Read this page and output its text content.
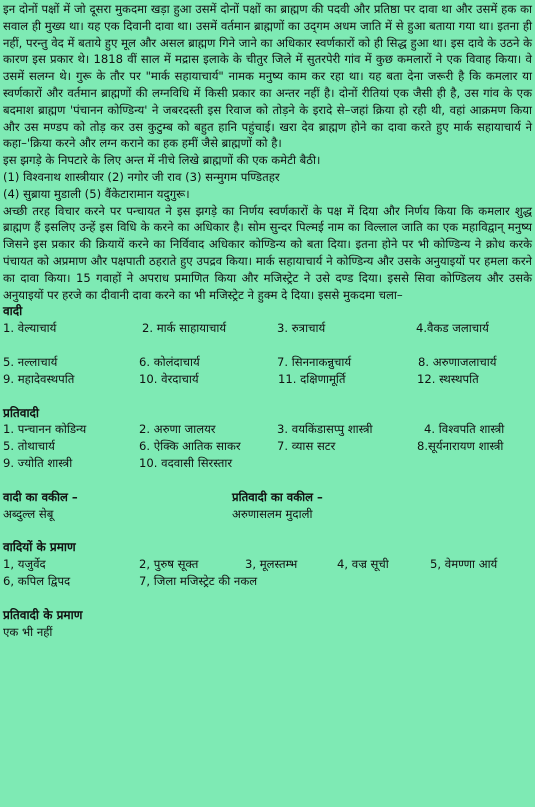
इन दोनों पक्षों में जो दूसरा मुकदमा खड़ा हुआ उसमें दोनों पक्षों का ब्राह्मण की पदवी और प्रतिष्ठा पर दावा था और उसमें हक का सवाल ही मुख्य था। यह एक दिवानी दावा था। उसमें वर्तमान ब्राह्मणों का उद्‌गम अधम जाति में से हुआ बताया गया था। इतना ही नहीं, परन्तु वेद में बताये हुए मूल और असल ब्राह्मण गिने जाने का अधिकार स्वर्णकारों को ही सिद्ध हुआ था। इस दावे के उठने के कारण इस प्रकार थे। 1818 वीं साल में मद्रास इलाके के चीतुर जिले में सुतरपेरी गांव में कुछ कमलारों ने एक विवाह किया। वे उसमें सलग्न थे। गुरू के तौर पर "मार्क सहायाचार्य" नामक मनुष्य काम कर रहा था। यह बता देना जरूरी है कि कमलार या स्वर्णकारों और वर्तमान ब्राह्मणों की लग्नविधि में किसी प्रकार का अन्तर नहीं है। दोनों रीतियां एक जैसी ही है, उस गांव के एक बदमाश ब्राह्मण 'पंचानन कोण्डिन्य' ने जबरदस्ती इस रिवाज को तोड़ने के इरादे से–जहां क्रिया हो रही थी, वहां आक्रमण किया और उस मण्डप को तोड़ कर उस कुटुम्ब को बहुत हानि पहुंचाई। खरा देव ब्राह्मण होने का दावा करते हुए मार्क सहायाचार्य ने कहा–'क्रिया करने और लग्न कराने का हक हमीं जैसे ब्राह्मणों को है।

इस झगड़े के निपटारे के लिए अन्त में नीचे लिखे ब्राह्मणों की एक कमेटी बैठी।

(1) विश्वनाथ शास्त्रीयार (2) नगोर जी राव (3) सन्मुगम पण्डितहर

(4) सुब्राया मुडाली (5) वैंकेटारामान यदुगुरू।

अच्छी तरह विचार करने पर पन्चायत ने इस झगड़े का निर्णय स्वर्णकारों के पक्ष में दिया और निर्णय किया कि कमलार शुद्ध ब्राह्मण हैं इसलिए उन्हें इस विधि के करने का अधिकार है। सोम सुन्दर पिल्मई नाम का विल्लाल जाति का एक महाविद्वान् मनुष्य जिसने इस प्रकार की क्रियायें करने का निर्विवाद अधिकार कोण्डिन्य को बता दिया। इतना होने पर भी कोण्डिन्य ने क्रोध करके पंचायत को अप्रमाण और पक्षपाती ठहराते हुए उपद्रव किया। मार्क सहायाचार्य ने कोण्डिन्य और उसके अनुयाइयों पर हमला करने का दावा किया। 15 गवाहों ने अपराध प्रमाणित किया और मजिस्ट्रेट ने उसे दण्ड दिया। इससे सिवा कोण्डिलय और उसके अनुयाइयों पर हरजे का दीवानी दावा करने का भी मजिस्ट्रेट ने हुक्म दे दिया। इससे मुकदमा चला–

वादी
1. वेल्याचार्य	2. मार्क साहायाचार्य	3. रुत्राचार्य	4.वैकड जलाचार्य
5. नल्लाचार्य	6. कोलंदाचार्य	7. सिननाकन्नुचार्य	8. अरुणाजलाचार्य
9. महादेवस्थपति	10. वेरदाचार्य	11. दक्षिणामूर्ति	12. स्थस्थपति
प्रतिवादी
1. पन्चानन कोडिन्य	2. अरुणा जालयर	3. वयकिंडासप्पु शास्त्री	4. विश्वपति शास्त्री
5. तोथाचार्य	6. ऐक्कि आतिक साकर	7. व्यास सटर	8.सूर्यनारायण शास्त्री
9. ज्योति शास्त्री	10. वदवासी सिरस्तार
वादी का वकील –	प्रतिवादी का वकील –
अब्दुल्ल सेबू	अरुणासलम मुदाली
वादियों के प्रमाण
1, यजुर्वेद	2, पुरुष सूक्त	3, मूलस्तम्भ	4, वज्र सूची	5, वेमण्णा आर्य
6, कपिल द्विपद	7, जिला मजिस्ट्रेट की नकल
प्रतिवादी के प्रमाण
एक भी नहीं
